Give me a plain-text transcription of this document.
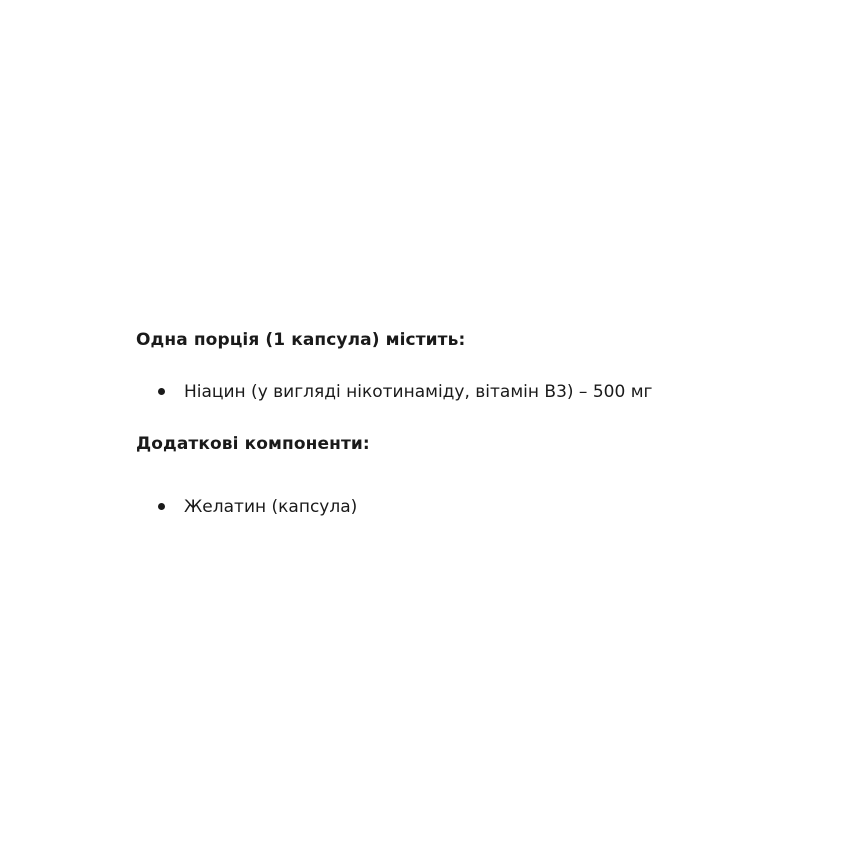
Одна порція (1 капсула) містить:

Ніацин (у вигляді нікотинаміду, вітамін B3) – 500 мг

Додаткові компоненти:

Желатин (капсула)
